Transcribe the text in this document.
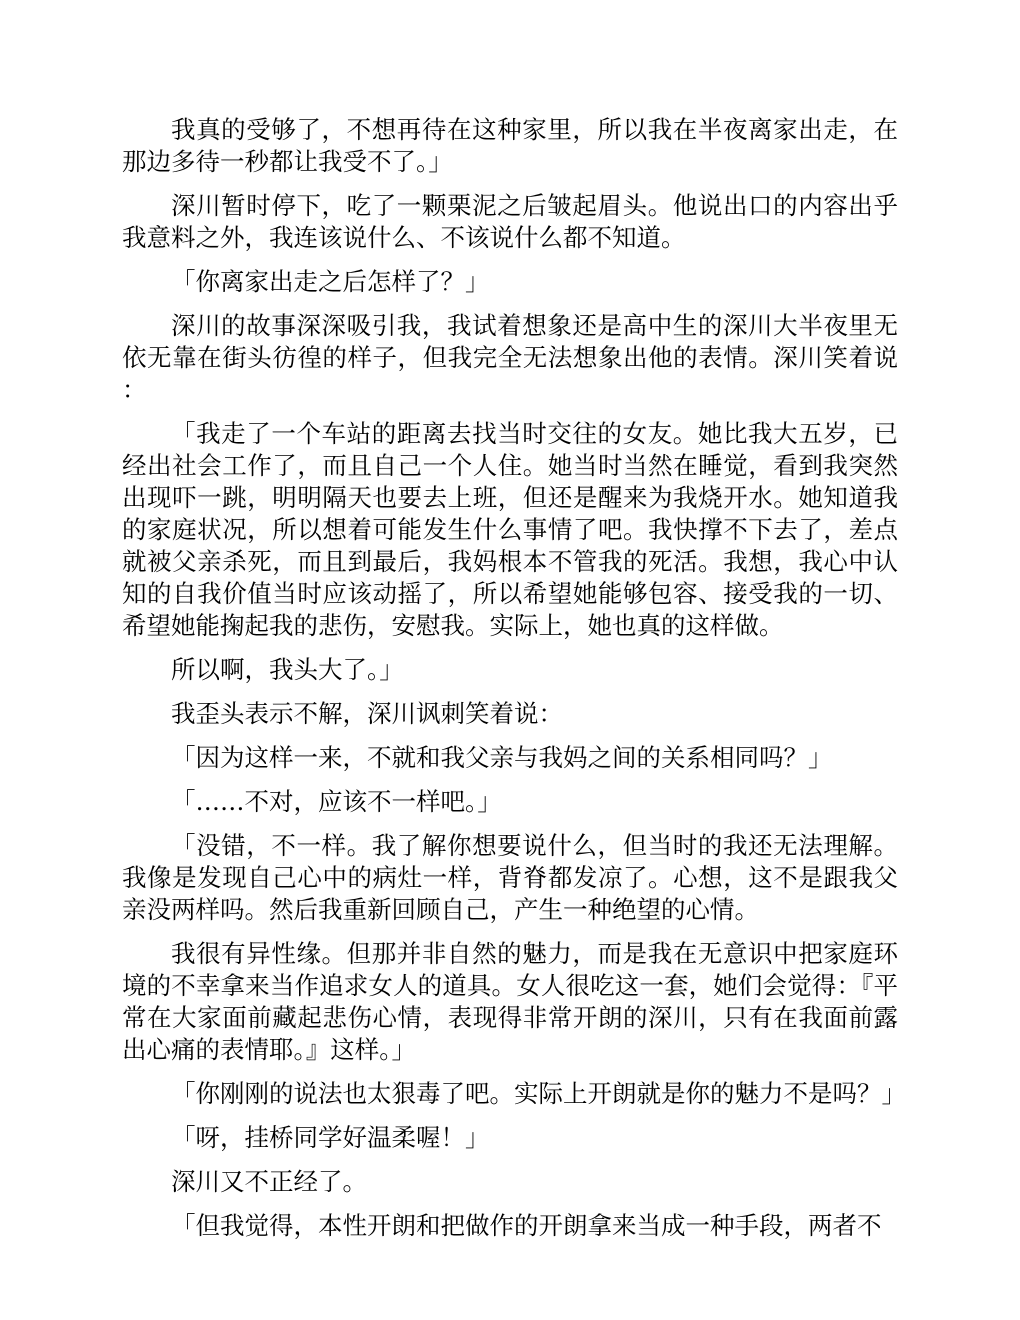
我真的受够了，不想再待在这种家里，所以我在半夜离家出走，在那边多待一秒都让我受不了。」

深川暂时停下，吃了一颗栗泥之后皱起眉头。他说出口的内容出乎我意料之外，我连该说什么、不该说什么都不知道。

「你离家出走之后怎样了？」

深川的故事深深吸引我，我试着想象还是高中生的深川大半夜里无依无靠在街头彷徨的样子，但我完全无法想象出他的表情。深川笑着说：

「我走了一个车站的距离去找当时交往的女友。她比我大五岁，已经出社会工作了，而且自己一个人住。她当时当然在睡觉，看到我突然出现吓一跳，明明隔天也要去上班，但还是醒来为我烧开水。她知道我的家庭状况，所以想着可能发生什么事情了吧。我快撑不下去了，差点就被父亲杀死，而且到最后，我妈根本不管我的死活。我想，我心中认知的自我价值当时应该动摇了，所以希望她能够包容、接受我的一切、希望她能掬起我的悲伤，安慰我。实际上，她也真的这样做。

所以啊，我头大了。」

我歪头表示不解，深川讽刺笑着说：

「因为这样一来，不就和我父亲与我妈之间的关系相同吗？」

「……不对，应该不一样吧。」

「没错，不一样。我了解你想要说什么，但当时的我还无法理解。我像是发现自己心中的病灶一样，背脊都发凉了。心想，这不是跟我父亲没两样吗。然后我重新回顾自己，产生一种绝望的心情。

我很有异性缘。但那并非自然的魅力，而是我在无意识中把家庭环境的不幸拿来当作追求女人的道具。女人很吃这一套，她们会觉得：『平常在大家面前藏起悲伤心情，表现得非常开朗的深川，只有在我面前露出心痛的表情耶。』这样。」

「你刚刚的说法也太狠毒了吧。实际上开朗就是你的魅力不是吗？」

「呀，挂桥同学好温柔喔！」

深川又不正经了。

「但我觉得，本性开朗和把做作的开朗拿来当成一种手段，两者不
